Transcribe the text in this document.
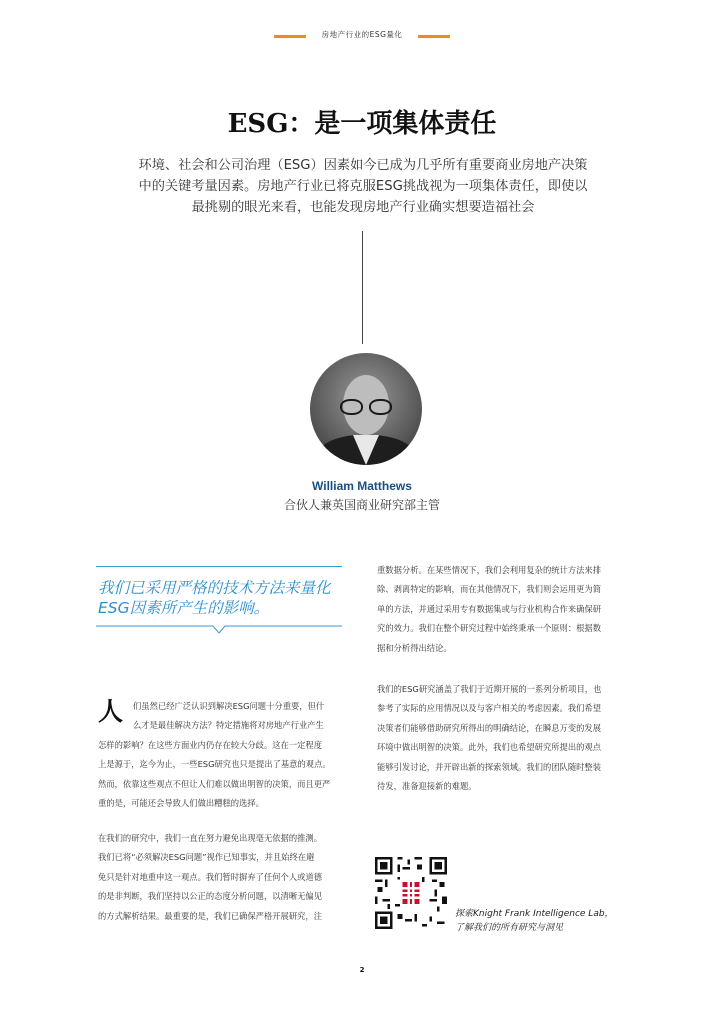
房地产行业的ESG量化
ESG：是一项集体责任
环境、社会和公司治理（ESG）因素如今已成为几乎所有重要商业房地产决策
中的关键考量因素。房地产行业已将克服ESG挑战视为一项集体责任，即使以
最挑剔的眼光来看，也能发现房地产行业确实想要造福社会
William Matthews
合伙人兼英国商业研究部主管
我们已采用严格的技术方法来量化
ESG因素所产生的影响。
人	们虽然已经广泛认识到解决ESG问题十分重要，但什
么才是最佳解决方法？特定措施将对房地产行业产生
怎样的影响？在这些方面业内仍存在较大分歧。这在一定程度
上是源于，迄今为止，一些ESG研究也只是提出了基意的观点。
然而，依靠这些观点不但让人们难以做出明智的决策，而且更严
重的是，可能还会导致人们做出糟糕的选择。
在我们的研究中，我们一直在努力避免出现毫无依据的推测。
我们已将“必须解决ESG问题”视作已知事实，并且始终在避
免只是针对地重申这一观点。我们暂时摒弃了任何个人或道德
的是非判断，我们坚持以公正的态度分析问题，以清晰无偏见
的方式解析结果。最重要的是，我们已确保严格开展研究，注
重数据分析。在某些情况下，我们会利用复杂的统计方法来排
除、剥离特定的影响，而在其他情况下，我们则会运用更为简
单的方法，并通过采用专有数据集或与行业机构合作来确保研
究的效力。我们在整个研究过程中始终秉承一个原则：根据数
据和分析得出结论。
我们的ESG研究涵盖了我们于近期开展的一系列分析项目，也
参考了实际的应用情况以及与客户相关的考虑因素。我们希望
决策者们能够借助研究所得出的明确结论，在瞬息万变的发展
环境中做出明智的决策。此外，我们也希望研究所提出的观点
能够引发讨论，并开辟出新的探索领域。我们的团队随时整装
待发，准备迎接新的难题。
探索Knight Frank Intelligence Lab，
了解我们的所有研究与洞见
2
